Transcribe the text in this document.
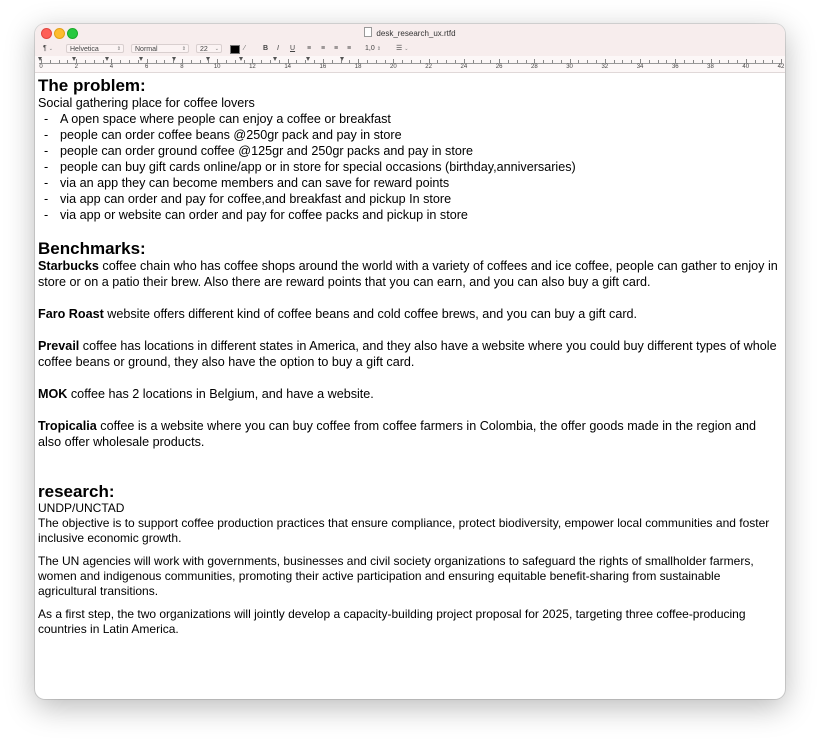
desk_research_ux.rtfd
¶ ⌄	Helvetica	⇕	Normal	⇕	22 ⌄	⁄	B I U ≡ ≡ ≡ ≡ 1,0 ⇕ ☰ ⌄
0	2	4	6	8	10	12	14	16	18	20	22	24	26	28	30	32	34	36	38	40	42

The problem:

Social gathering place for coffee lovers

- A open space where people can enjoy a coffee or breakfast
- people can order coffee beans @250gr pack and pay in store
- people can order ground coffee @125gr and 250gr packs and pay in store
- people can buy gift cards online/app or in store for special occasions (birthday,anniversaries)
- via an app they can become members and can save for reward points
- via app can order and pay for coffee,and breakfast and pickup In store
- via app or website can order and pay for coffee packs and pickup in store

Benchmarks:

Starbucks coffee chain who has coffee shops around the world with a variety of coffees and ice coffee, people can gather to enjoy in store or on a patio their brew. Also there are reward points that you can earn, and you can also buy a gift card.

Faro Roast website offers different kind of coffee beans and cold coffee brews, and you can buy a gift card.

Prevail coffee has locations in different states in America, and they also have a website where you could buy different types of whole coffee beans or ground, they also have the option to buy a gift card.

MOK coffee has 2 locations in Belgium, and have a website.

Tropicalia coffee is a website where you can buy coffee from coffee farmers in Colombia, the offer goods made in the region and also offer wholesale products.

research:

UNDP/UNCTAD

The objective is to support coffee production practices that ensure compliance, protect biodiversity, empower local communities and foster inclusive economic growth.

The UN agencies will work with governments, businesses and civil society organizations to safeguard the rights of smallholder farmers, women and indigenous communities, promoting their active participation and ensuring equitable benefit-sharing from sustainable agricultural transitions.

As a first step, the two organizations will jointly develop a capacity-building project proposal for 2025, targeting three coffee-producing countries in Latin America.
